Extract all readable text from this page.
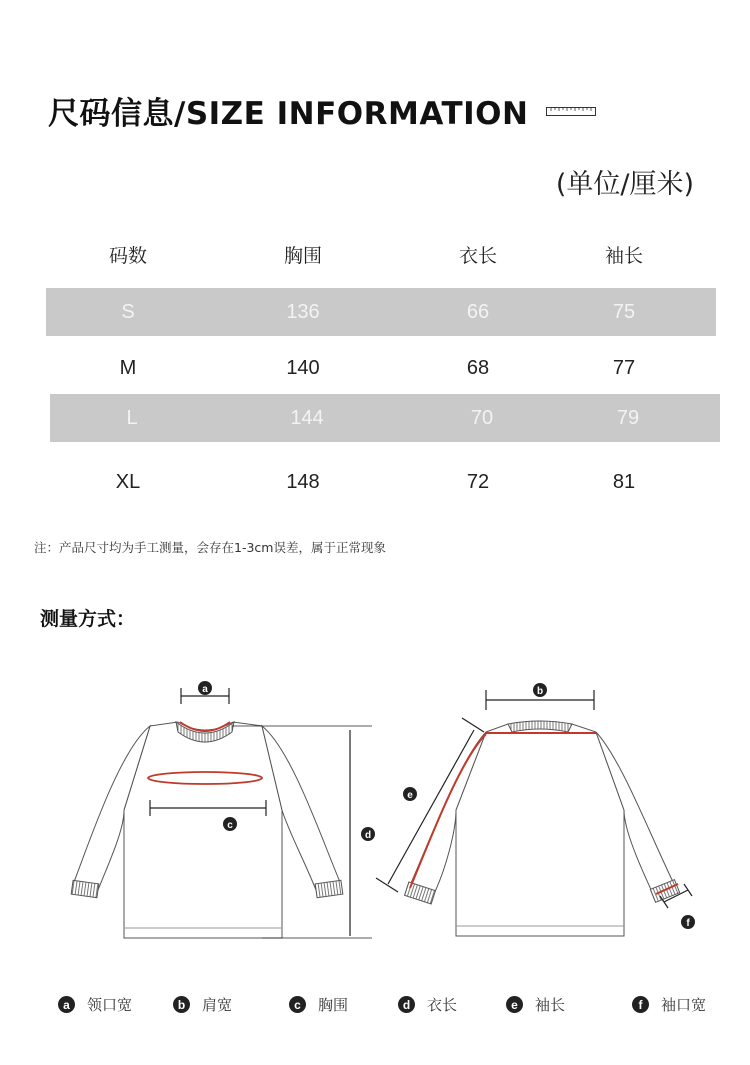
尺码信息/SIZE INFORMATION
(单位/厘米)
码数	胸围	衣长	袖长
S	136	66	75
M	140	68	77
L	144	70	79
XL	148	72	81
注：产品尺寸均为手工测量，会存在1-3cm误差，属于正常现象
测量方式：
a
c
d
b
e
f
a	领口宽	b	肩宽	c	胸围	d	衣长	e	袖长	f	袖口宽
